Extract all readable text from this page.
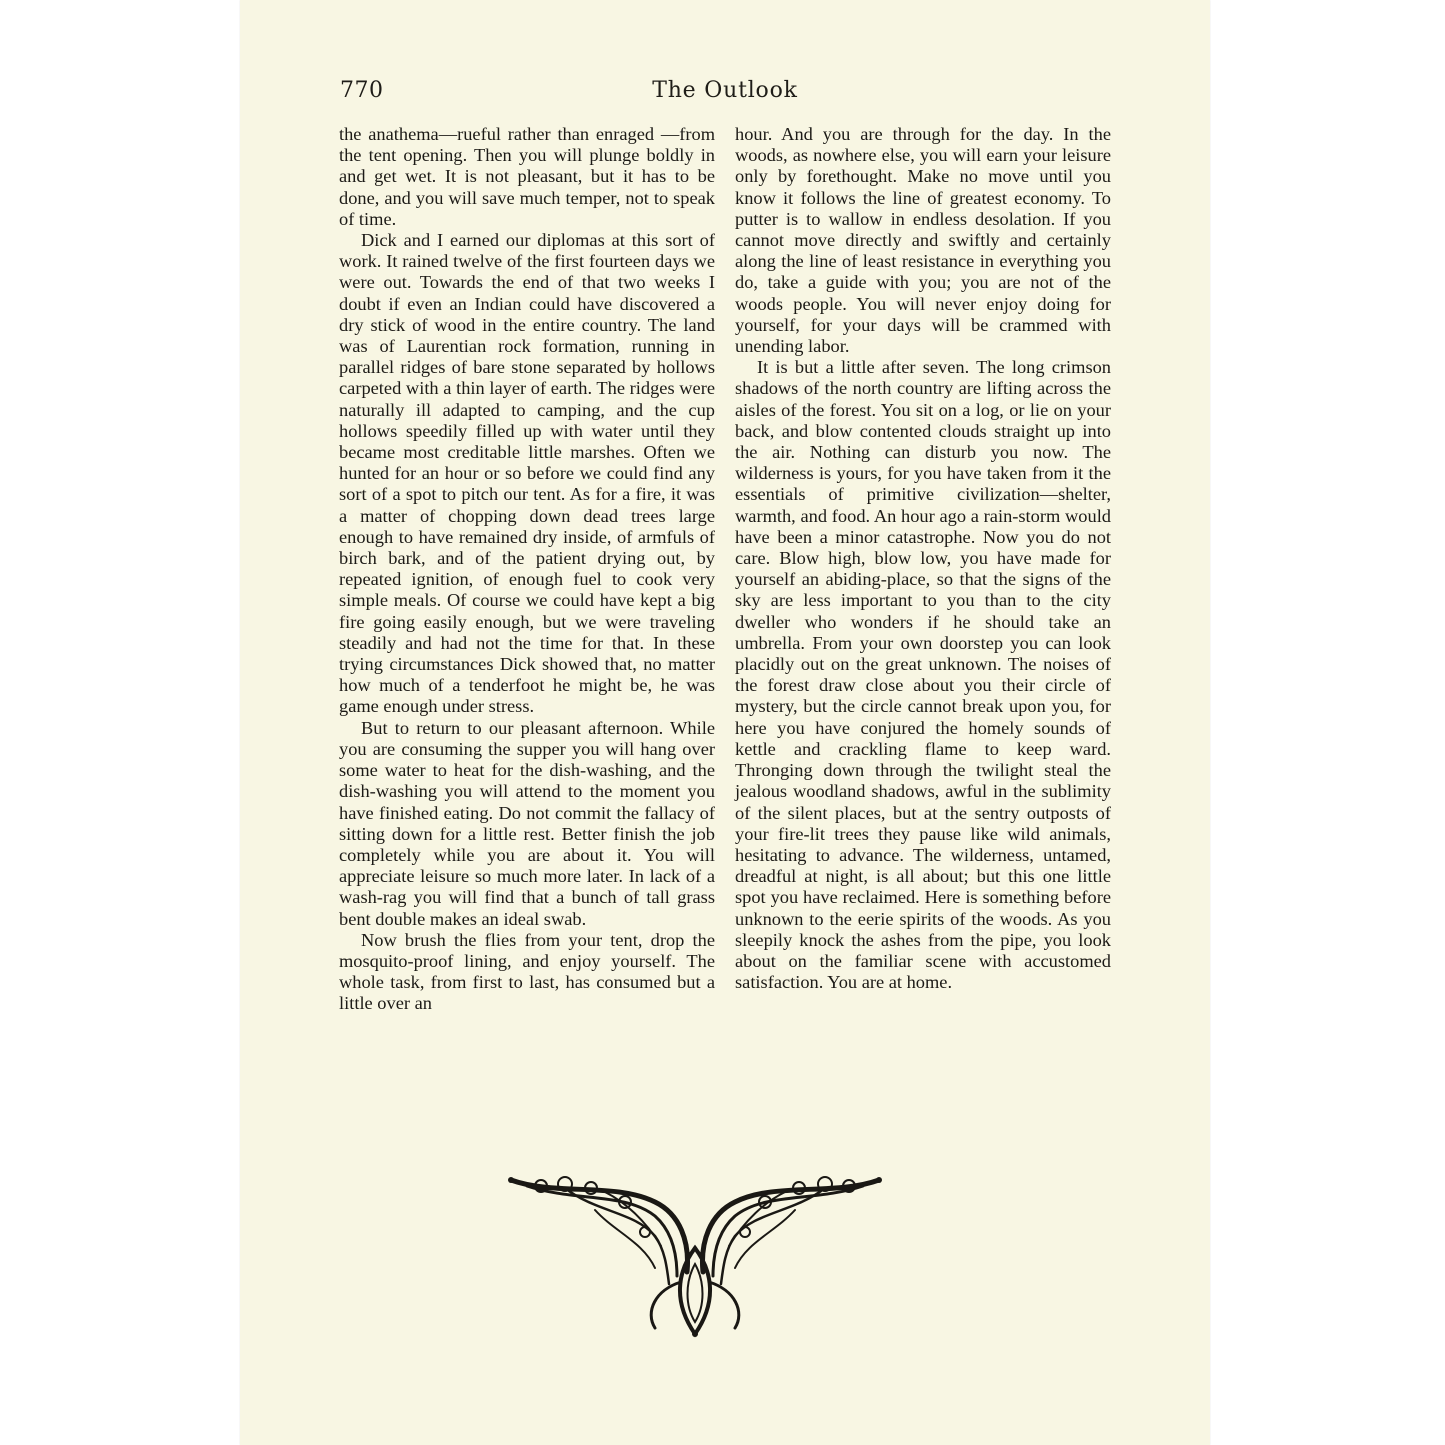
770	The Outlook

the anathema—rueful rather than enraged —from the tent opening. Then you will plunge boldly in and get wet. It is not pleasant, but it has to be done, and you will save much temper, not to speak of time.

Dick and I earned our diplomas at this sort of work. It rained twelve of the first fourteen days we were out. Towards the end of that two weeks I doubt if even an Indian could have discovered a dry stick of wood in the entire country. The land was of Laurentian rock formation, running in parallel ridges of bare stone separated by hollows carpeted with a thin layer of earth. The ridges were naturally ill adapted to camping, and the cup hollows speedily filled up with water until they became most creditable little marshes. Often we hunted for an hour or so before we could find any sort of a spot to pitch our tent. As for a fire, it was a matter of chopping down dead trees large enough to have remained dry inside, of armfuls of birch bark, and of the patient drying out, by repeated ignition, of enough fuel to cook very simple meals. Of course we could have kept a big fire going easily enough, but we were traveling steadily and had not the time for that. In these trying circumstances Dick showed that, no matter how much of a tenderfoot he might be, he was game enough under stress.

But to return to our pleasant afternoon. While you are consuming the supper you will hang over some water to heat for the dish-washing, and the dish-washing you will attend to the moment you have finished eating. Do not commit the fallacy of sitting down for a little rest. Better finish the job completely while you are about it. You will appreciate leisure so much more later. In lack of a wash-rag you will find that a bunch of tall grass bent double makes an ideal swab.

Now brush the flies from your tent, drop the mosquito-proof lining, and enjoy yourself. The whole task, from first to last, has consumed but a little over an

hour. And you are through for the day. In the woods, as nowhere else, you will earn your leisure only by forethought. Make no move until you know it follows the line of greatest economy. To putter is to wallow in endless desolation. If you cannot move directly and swiftly and certainly along the line of least resistance in everything you do, take a guide with you; you are not of the woods people. You will never enjoy doing for yourself, for your days will be crammed with unending labor.

It is but a little after seven. The long crimson shadows of the north country are lifting across the aisles of the forest. You sit on a log, or lie on your back, and blow contented clouds straight up into the air. Nothing can disturb you now. The wilderness is yours, for you have taken from it the essentials of primitive civilization—shelter, warmth, and food. An hour ago a rain-storm would have been a minor catastrophe. Now you do not care. Blow high, blow low, you have made for yourself an abiding-place, so that the signs of the sky are less important to you than to the city dweller who wonders if he should take an umbrella. From your own doorstep you can look placidly out on the great unknown. The noises of the forest draw close about you their circle of mystery, but the circle cannot break upon you, for here you have conjured the homely sounds of kettle and crackling flame to keep ward. Thronging down through the twilight steal the jealous woodland shadows, awful in the sublimity of the silent places, but at the sentry outposts of your fire-lit trees they pause like wild animals, hesitating to advance. The wilderness, untamed, dreadful at night, is all about; but this one little spot you have reclaimed. Here is something before unknown to the eerie spirits of the woods. As you sleepily knock the ashes from the pipe, you look about on the familiar scene with accustomed satisfaction. You are at home.
